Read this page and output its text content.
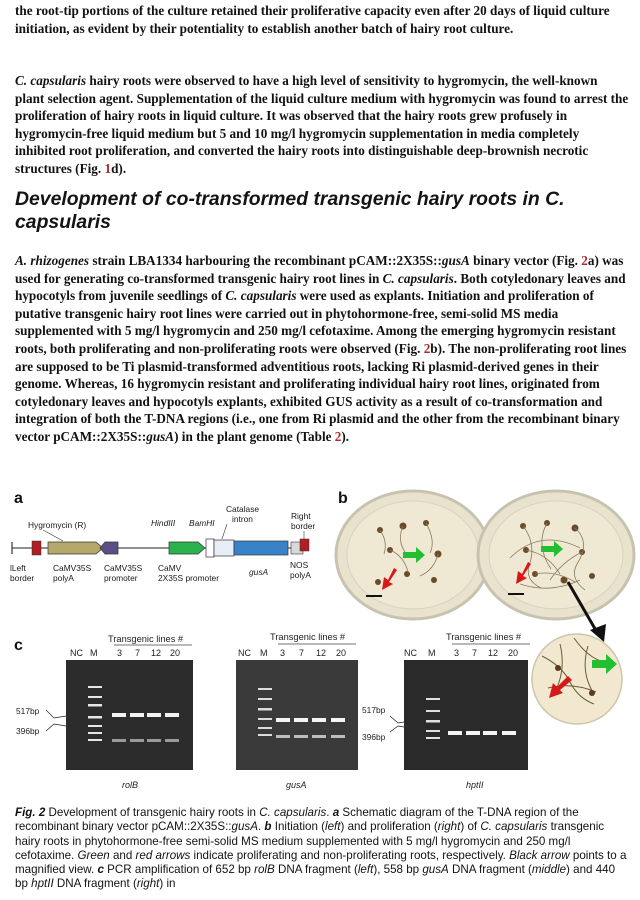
the root-tip portions of the culture retained their proliferative capacity even after 20 days of liquid culture initiation, as evident by their potentiality to establish another batch of hairy root culture.

C. capsularis hairy roots were observed to have a high level of sensitivity to hygromycin, the well-known plant selection agent. Supplementation of the liquid culture medium with hygromycin was found to arrest the proliferation of hairy roots in liquid culture. It was observed that the hairy roots grew profusely in hygromycin-free liquid medium but 5 and 10 mg/l hygromycin supplementation in media completely inhibited root proliferation, and converted the hairy roots into distinguishable deep-brownish necrotic structures (Fig. 1d).

Development of co-transformed transgenic hairy roots in C. capsularis

A. rhizogenes strain LBA1334 harbouring the recombinant pCAM::2X35S::gusA binary vector (Fig. 2a) was used for generating co-transformed transgenic hairy root lines in C. capsularis. Both cotyledonary leaves and hypocotyls from juvenile seedlings of C. capsularis were used as explants. Initiation and proliferation of putative transgenic hairy root lines were carried out in phytohormone-free, semi-solid MS media supplemented with 5 mg/l hygromycin and 250 mg/l cefotaxime. Among the emerging hygromycin resistant roots, both proliferating and non-proliferating roots were observed (Fig. 2b). The non-proliferating root lines are supposed to be Ti plasmid-transformed adventitious roots, lacking Ri plasmid-derived genes in their genome. Whereas, 16 hygromycin resistant and proliferating individual hairy root lines, originated from cotyledonary leaves and hypocotyls explants, exhibited GUS activity as a result of co-transformation and integration of both the T-DNA regions (i.e., one from Ri plasmid and the other from the recombinant binary vector pCAM::2X35S::gusA) in the plant genome (Table 2).

a
Hygromycin (R)	HindIII BamHI
Catalase
intron	Right
border
lLeft
border
CaMV35S
polyA
CaMV35S
promoter
CaMV
2X35S promoter
gusA
NOS
polyA
b
c	Transgenic lines #
NC M 3 7 12 20
517bp
396bp
rolB
Transgenic lines #
NC M 3 7 12 20
gusA
Transgenic lines #
NC M 3 7 12 20
517bp
396bp
hptII

Fig. 2 Development of transgenic hairy roots in C. capsularis. a Schematic diagram of the T-DNA region of the recombinant binary vector pCAM::2X35S::gusA. b Initiation (left) and proliferation (right) of C. capsularis transgenic hairy roots in phytohormone-free semi-solid MS medium supplemented with 5 mg/l hygromycin and 250 mg/l cefotaxime. Green and red arrows indicate proliferating and non-proliferating roots, respectively. Black arrow points to a magnified view. c PCR amplification of 652 bp rolB DNA fragment (left), 558 bp gusA DNA fragment (middle) and 440 bp hptII DNA fragment (right) in
